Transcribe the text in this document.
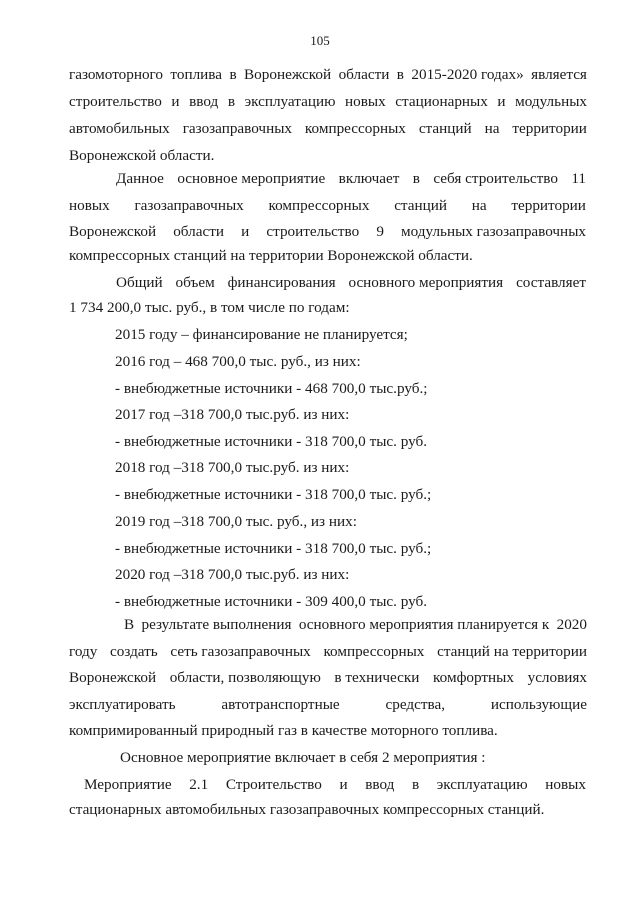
105
газомоторного топлива в Воронежской области в 2015-2020 годах» является
строительство и ввод в эксплуатацию новых стационарных и модульных
автомобильных газозаправочных компрессорных станций на территории
Воронежской области.
Данное основное мероприятие включает в себя строительство 11
новых газозаправочных компрессорных станций на территории
Воронежской области и строительство 9 модульных газозаправочных
компрессорных станций на территории Воронежской области.
Общий объем финансирования основного мероприятия составляет
1 734 200,0 тыс. руб., в том числе по годам:
2015 году – финансирование не планируется;
2016 год – 468 700,0 тыс. руб., из них:
- внебюджетные источники - 468 700,0 тыс.руб.;
2017 год –318 700,0 тыс.руб. из них:
- внебюджетные источники - 318 700,0 тыс. руб.
2018 год –318 700,0 тыс.руб. из них:
- внебюджетные источники - 318 700,0 тыс. руб.;
2019 год –318 700,0 тыс. руб., из них:
- внебюджетные источники - 318 700,0 тыс. руб.;
2020 год –318 700,0 тыс.руб. из них:
- внебюджетные источники - 309 400,0 тыс. руб.
В результате выполнения основного мероприятия планируется к 2020
году создать сеть газозаправочных компрессорных станций на территории
Воронежской области, позволяющую в технически комфортных условиях
эксплуатировать	автотранспортные	средства,	использующие
компримированный природный газ в качестве моторного топлива.
Основное мероприятие включает в себя 2 мероприятия :
Мероприятие 2.1 Строительство и ввод в эксплуатацию новых
стационарных автомобильных газозаправочных компрессорных станций.
